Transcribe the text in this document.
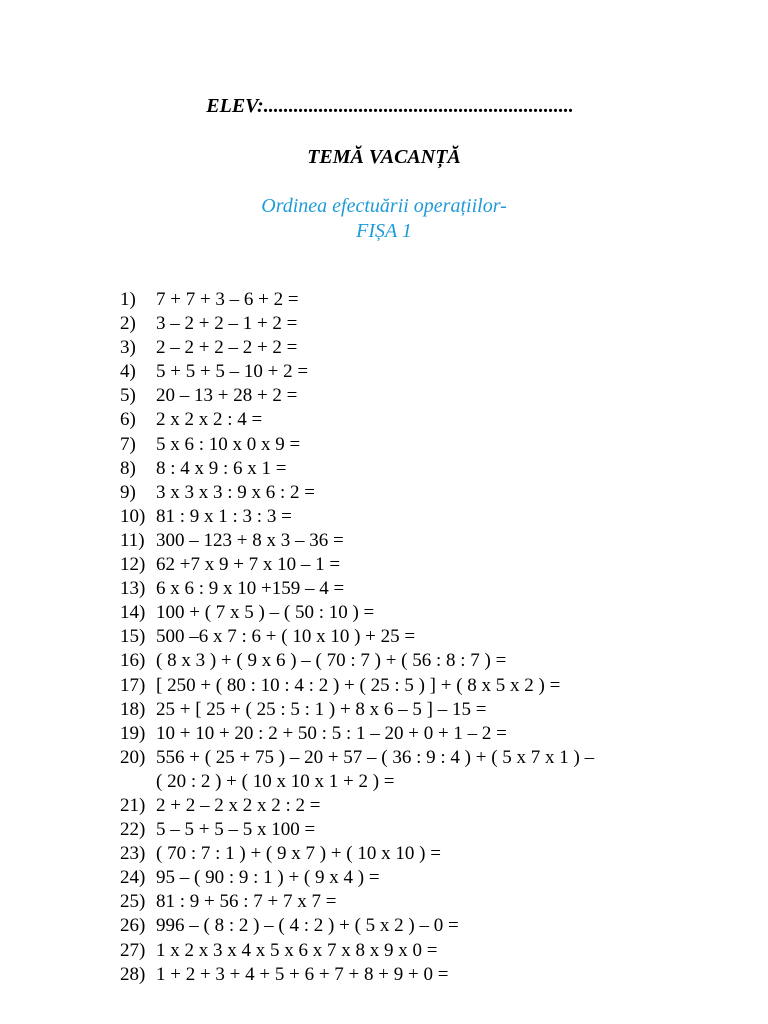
ELEV:..............................................................
TEMĂ VACANȚĂ
Ordinea efectuării operațiilor-
FIȘA 1
1) 7 + 7 + 3 – 6 + 2 =
2) 3 – 2 + 2 – 1 + 2 =
3) 2 – 2 + 2 – 2 + 2 =
4) 5 + 5 + 5 – 10 + 2 =
5) 20 – 13 + 28 + 2 =
6) 2 x 2 x 2 : 4 =
7) 5 x 6 : 10 x 0 x 9 =
8) 8 : 4 x 9 : 6 x 1 =
9) 3 x 3 x 3 : 9 x 6 : 2 =
10) 81 : 9 x 1 : 3 : 3 =
11) 300 – 123 + 8 x 3 – 36 =
12) 62 +7 x 9 + 7 x 10 – 1 =
13) 6 x 6 : 9 x 10 +159 – 4 =
14) 100 + ( 7 x 5 ) – ( 50 : 10 ) =
15) 500 –6 x 7 : 6 + ( 10 x 10 ) + 25 =
16) ( 8 x 3 ) + ( 9 x 6 ) – ( 70 : 7 ) + ( 56 : 8 : 7 ) =
17) [ 250 + ( 80 : 10 : 4 : 2 ) + ( 25 : 5 ) ] + ( 8 x 5 x 2 ) =
18) 25 + [ 25 + ( 25 : 5 : 1 ) + 8 x 6 – 5 ] – 15 =
19) 10 + 10 + 20 : 2 + 50 : 5 : 1 – 20 + 0 + 1 – 2 =
20) 556 + ( 25 + 75 ) – 20 + 57 – ( 36 : 9 : 4 ) + ( 5 x 7 x 1 ) –
( 20 : 2 ) + ( 10 x 10 x 1 + 2 ) =
21) 2 + 2 – 2 x 2 x 2 : 2 =
22) 5 – 5 + 5 – 5 x 100 =
23) ( 70 : 7 : 1 ) + ( 9 x 7 ) + ( 10 x 10 ) =
24) 95 – ( 90 : 9 : 1 ) + ( 9 x 4 ) =
25) 81 : 9 + 56 : 7 + 7 x 7 =
26) 996 – ( 8 : 2 ) – ( 4 : 2 ) + ( 5 x 2 ) – 0 =
27) 1 x 2 x 3 x 4 x 5 x 6 x 7 x 8 x 9 x 0 =
28) 1 + 2 + 3 + 4 + 5 + 6 + 7 + 8 + 9 + 0 =
